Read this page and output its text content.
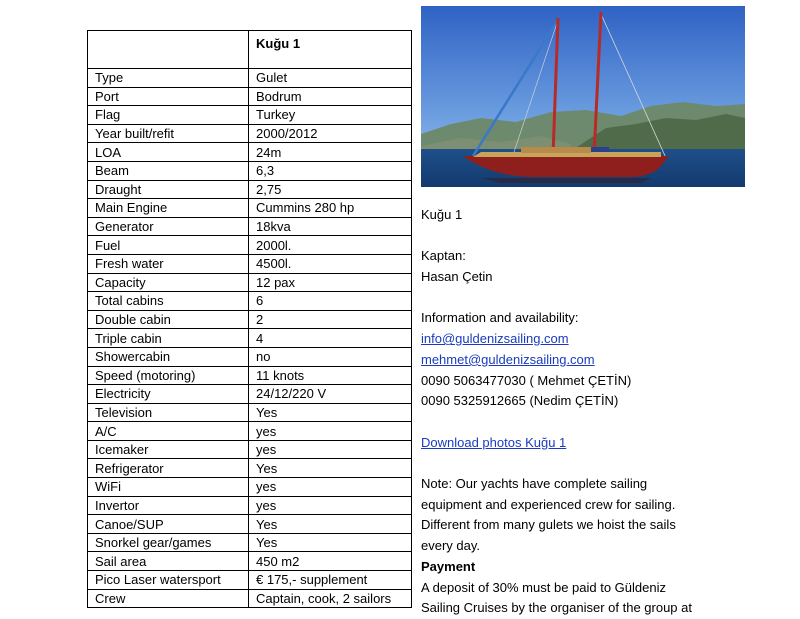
	Kuğu 1
Type	Gulet
Port	Bodrum
Flag	Turkey
Year built/refit	2000/2012
LOA	24m
Beam	6,3
Draught	2,75
Main Engine	Cummins 280 hp
Generator	18kva
Fuel	2000l.
Fresh water	4500l.
Capacity	12 pax
Total cabins	6
Double cabin	2
Triple cabin	4
Showercabin	no
Speed (motoring)	11 knots
Electricity	24/12/220 V
Television	Yes
A/C	yes
Icemaker	yes
Refrigerator	Yes
WiFi	yes
Invertor	yes
Canoe/SUP	Yes
Snorkel gear/games	Yes
Sail area	450 m2
Pico Laser watersport	€ 175,- supplement
Crew	Captain, cook, 2 sailors

Kuğu 1

Kaptan:

Hasan Çetin

Information and availability:

info@guldenizsailing.com

mehmet@guldenizsailing.com

0090 5063477030 ( Mehmet ÇETİN)

0090 5325912665 (Nedim ÇETİN)

Download photos Kuğu 1

Note: Our yachts have complete sailing

equipment and experienced crew for sailing.

Different from many gulets we hoist the sails

every day.

Payment

A deposit of 30% must be paid to Güldeniz

Sailing Cruises by the organiser of the group at
